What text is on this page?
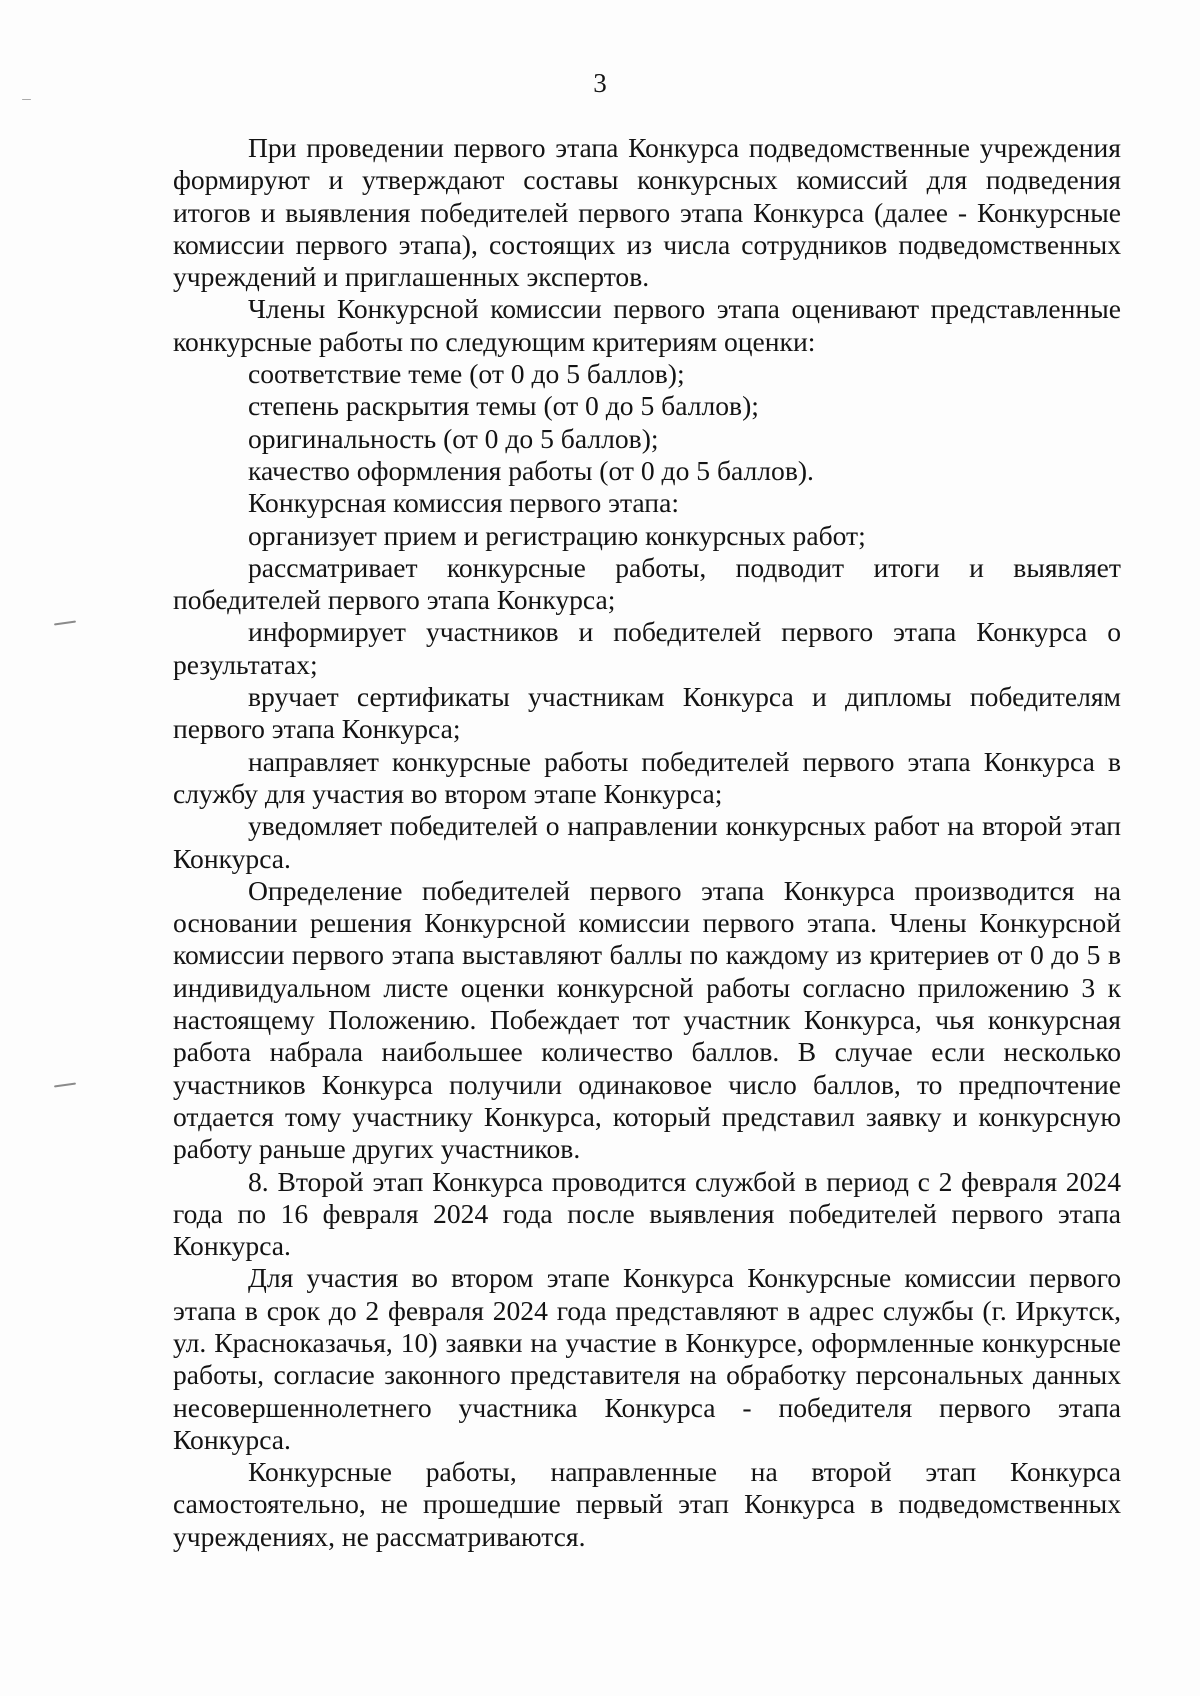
3

При проведении первого этапа Конкурса подведомственные учреждения формируют и утверждают составы конкурсных комиссий для подведения итогов и выявления победителей первого этапа Конкурса (далее - Конкурсные комиссии первого этапа), состоящих из числа сотрудников подведомственных учреждений и приглашенных экспертов.

Члены Конкурсной комиссии первого этапа оценивают представленные конкурсные работы по следующим критериям оценки:

соответствие теме (от 0 до 5 баллов);

степень раскрытия темы (от 0 до 5 баллов);

оригинальность (от 0 до 5 баллов);

качество оформления работы (от 0 до 5 баллов).

Конкурсная комиссия первого этапа:

организует прием и регистрацию конкурсных работ;

рассматривает конкурсные работы, подводит итоги и выявляет победителей первого этапа Конкурса;

информирует участников и победителей первого этапа Конкурса о результатах;

вручает сертификаты участникам Конкурса и дипломы победителям первого этапа Конкурса;

направляет конкурсные работы победителей первого этапа Конкурса в службу для участия во втором этапе Конкурса;

уведомляет победителей о направлении конкурсных работ на второй этап Конкурса.

Определение победителей первого этапа Конкурса производится на основании решения Конкурсной комиссии первого этапа. Члены Конкурсной комиссии первого этапа выставляют баллы по каждому из критериев от 0 до 5 в индивидуальном листе оценки конкурсной работы согласно приложению 3 к настоящему Положению. Побеждает тот участник Конкурса, чья конкурсная работа набрала наибольшее количество баллов. В случае если несколько участников Конкурса получили одинаковое число баллов, то предпочтение отдается тому участнику Конкурса, который представил заявку и конкурсную работу раньше других участников.

8. Второй этап Конкурса проводится службой в период с 2 февраля 2024 года по 16 февраля 2024 года после выявления победителей первого этапа Конкурса.

Для участия во втором этапе Конкурса Конкурсные комиссии первого этапа в срок до 2 февраля 2024 года представляют в адрес службы (г. Иркутск, ул. Красноказачья, 10) заявки на участие в Конкурсе, оформленные конкурсные работы, согласие законного представителя на обработку персональных данных несовершеннолетнего участника Конкурса - победителя первого этапа Конкурса.

Конкурсные работы, направленные на второй этап Конкурса самостоятельно, не прошедшие первый этап Конкурса в подведомственных учреждениях, не рассматриваются.
